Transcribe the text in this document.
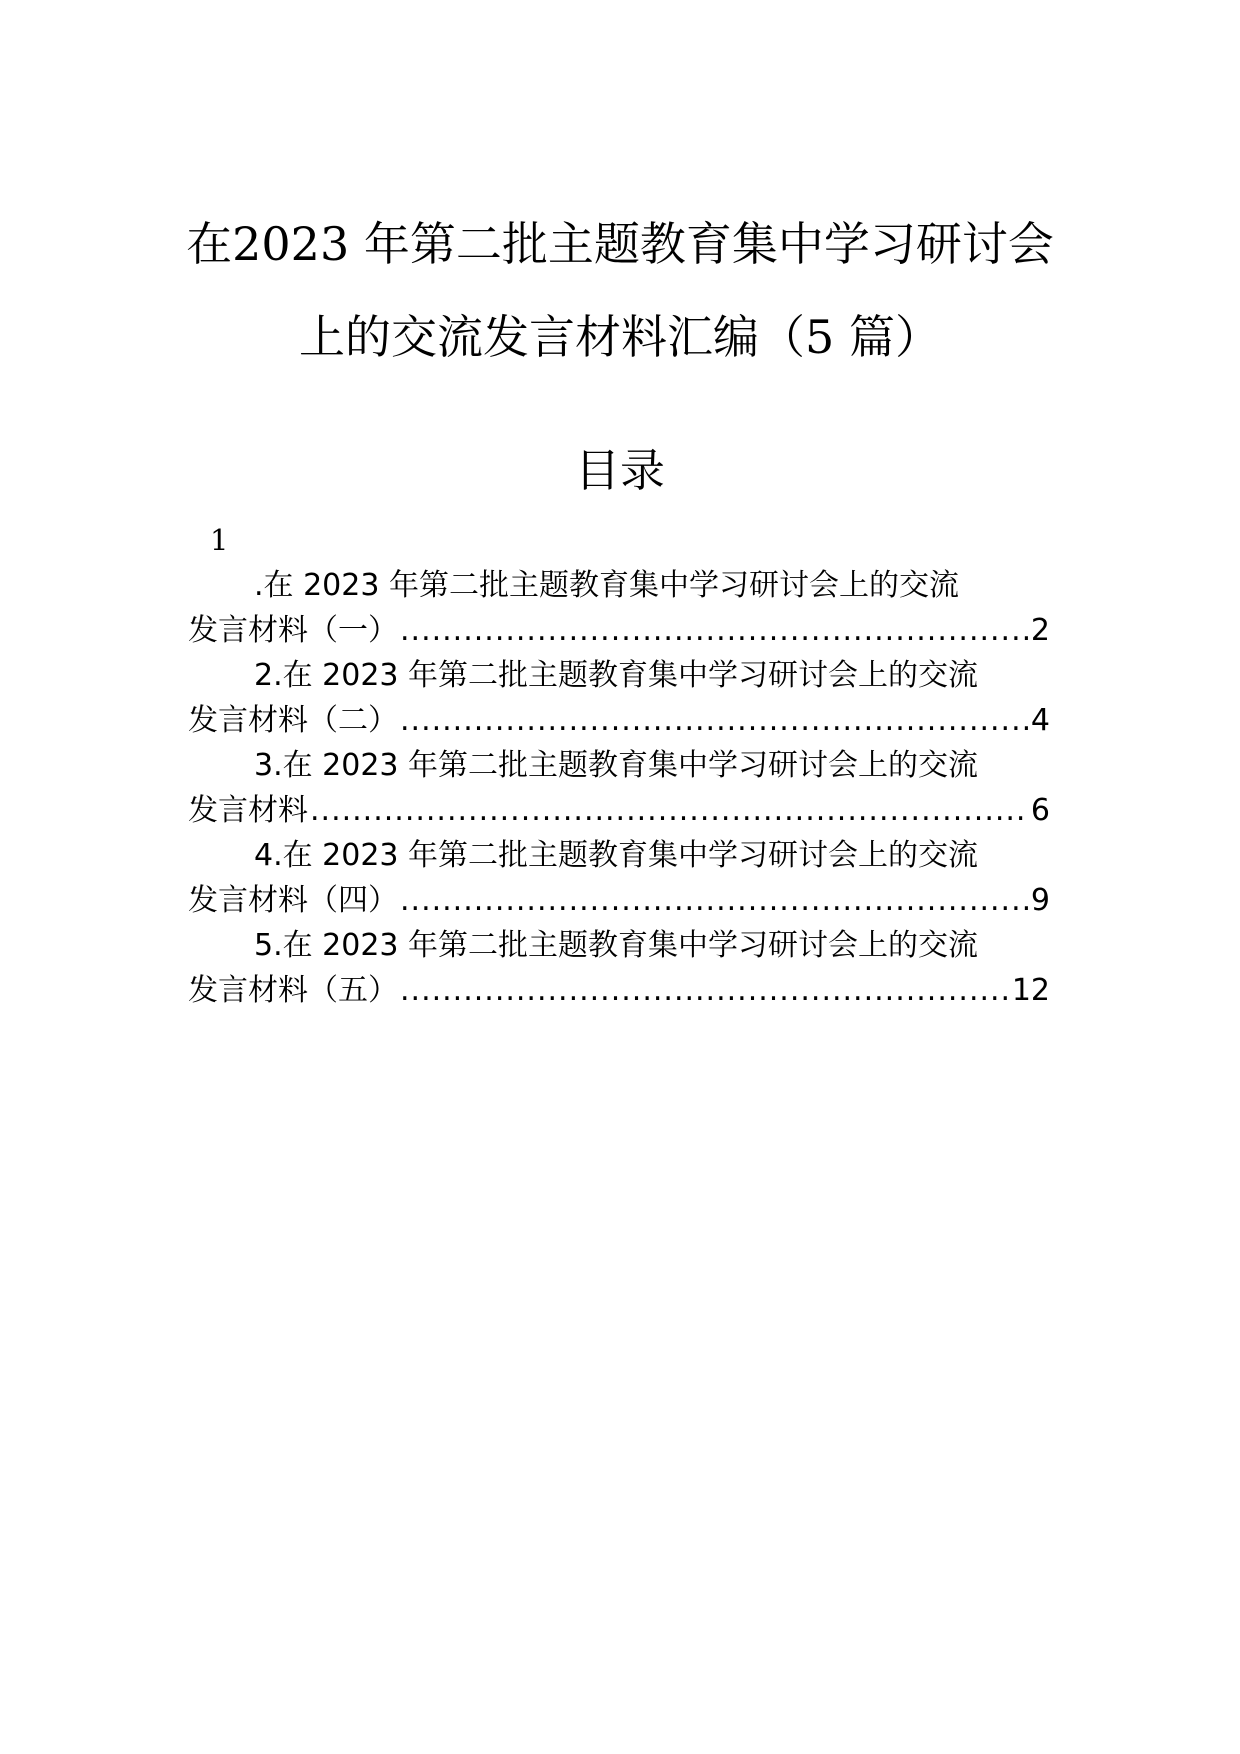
在2023 年第二批主题教育集中学习研讨会
上的交流发言材料汇编（5 篇）
目录
1
.在 2023 年第二批主题教育集中学习研讨会上的交流
发言材料（一） .....	2
2.在 2023 年第二批主题教育集中学习研讨会上的交流
发言材料（二） .....	4
3.在 2023 年第二批主题教育集中学习研讨会上的交流
发言材料 .....	6
4.在 2023 年第二批主题教育集中学习研讨会上的交流
发言材料（四） .....	9
5.在 2023 年第二批主题教育集中学习研讨会上的交流
发言材料（五） .....	12
